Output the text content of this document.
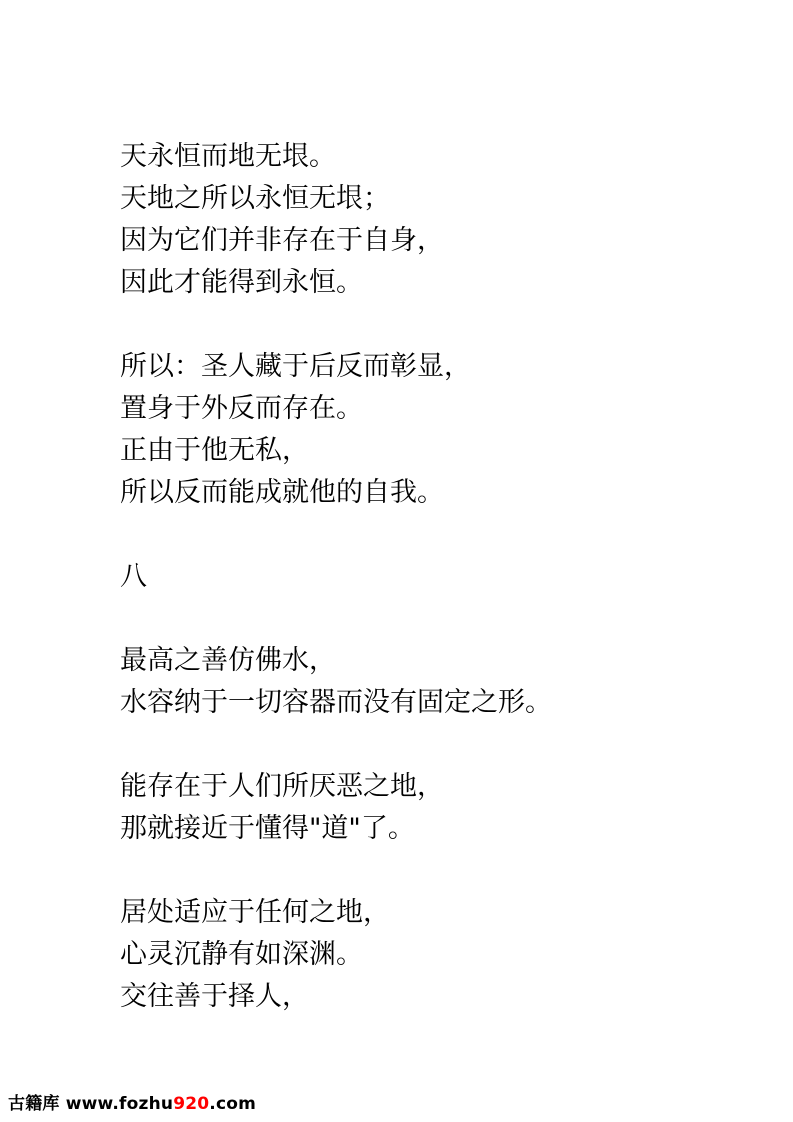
天永恒而地无垠。
天地之所以永恒无垠；
因为它们并非存在于自身，
因此才能得到永恒。
所以：圣人藏于后反而彰显，
置身于外反而存在。
正由于他无私，
所以反而能成就他的自我。
八
最高之善仿佛水，
水容纳于一切容器而没有固定之形。
能存在于人们所厌恶之地，
那就接近于懂得"道"了。
居处适应于任何之地，
心灵沉静有如深渊。
交往善于择人，
古籍库 www.fozhu920.com
